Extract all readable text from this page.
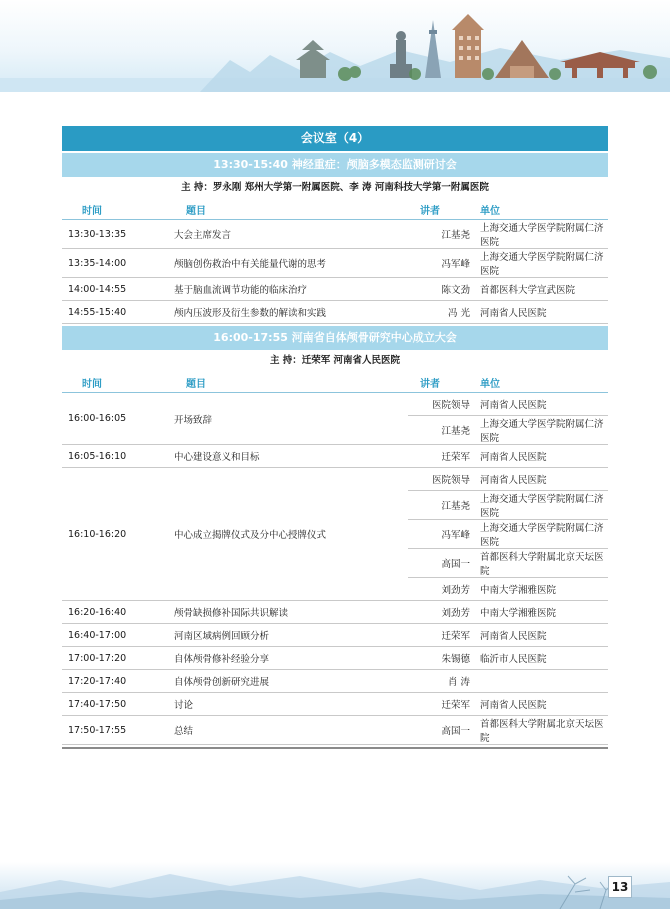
会议室（4）
13:30-15:40 神经重症：颅脑多模态监测研讨会
主 持：罗永刚 郑州大学第一附属医院、李 涛 河南科技大学第一附属医院
时间	题目	讲者	单位
13:30-13:35	大会主席发言	江基尧	上海交通大学医学院附属仁济医院
13:35-14:00	颅脑创伤救治中有关能量代谢的思考	冯军峰	上海交通大学医学院附属仁济医院
14:00-14:55	基于脑血流调节功能的临床治疗	陈文劲	首都医科大学宣武医院
14:55-15:40	颅内压波形及衍生参数的解读和实践	冯 光	河南省人民医院
16:00-17:55 河南省自体颅骨研究中心成立大会
主 持：迁荣军 河南省人民医院
时间	题目	讲者	单位
16:00-16:05	开场致辞	医院领导	河南省人民医院
		江基尧	上海交通大学医学院附属仁济医院
16:05-16:10	中心建设意义和目标	迁荣军	河南省人民医院
16:10-16:20	中心成立揭牌仪式及分中心授牌仪式	医院领导	河南省人民医院
		江基尧	上海交通大学医学院附属仁济医院
		冯军峰	上海交通大学医学院附属仁济医院
		高国一	首都医科大学附属北京天坛医院
		刘劲芳	中南大学湘雅医院
16:20-16:40	颅骨缺损修补国际共识解读	刘劲芳	中南大学湘雅医院
16:40-17:00	河南区域病例回顾分析	迁荣军	河南省人民医院
17:00-17:20	自体颅骨修补经验分享	朱锡德	临沂市人民医院
17:20-17:40	自体颅骨创新研究进展	肖 涛	
17:40-17:50	讨论	迁荣军	河南省人民医院
17:50-17:55	总结	高国一	首都医科大学附属北京天坛医院
13
